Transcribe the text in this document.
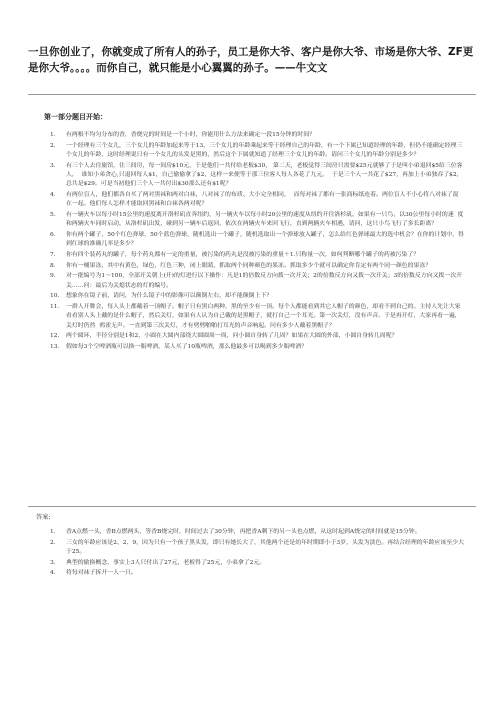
一旦你创业了，你就变成了所有人的孙子，员工是你大爷、客户是你大爷、市场是你大爷、ZF更是你大爷。。。。而你自己，就只能是小心翼翼的孙子。——牛文文
第一部分题目开始：
1.	有两根不均匀分布的香，香烧完的时间是一个小时，你能用什么方法来确定一段15分钟的时间？
2.	一个经理有三个女儿，三个女儿的年龄加起来等于13，三个女儿的年龄乘起来等于经理自己的年龄，有一个下属已知道经理的年龄，但仍不能确定经理三个女儿的年龄，这时经理说只有一个女儿的头发是黑的，然后这个下属就知道了经理三个女儿的年龄。请问三个女儿的年龄分别是多少？
3.	有三个人去住旅馆，住三间房，每一间房$10元，于是他们一共付给老板$30， 第二天，老板觉得三间房只需要$25元就够了于是叫小弟退回$5给三位客人，  谁知小弟贪心,只退回每人$1，自己偷偷拿了$2，这样一来便等于那三位客人每人各花了九元，  于是三个人一共花了$27，再加上小弟独吞了$2，总共是$29。可是当初他们三个人一共付出$30那么还有$1呢？
4.	有两位盲人，他们都各自买了两对黑袜和两对白袜，八对袜了的布质、大小完全相同，  而每对袜了都有一张商标纸连着。两位盲人不小心将八对袜了混在一起。他们每人怎样才能取回黑袜和白袜各两对呢？
5.	有一辆火车以每小时15公里的速度离开洛杉矶直奔纽约，另一辆火车以每小时20公里的速度从纽约开往洛杉矶。如果有一只鸟，以30公里每小时的速  度和两辆火车同时启动，从洛杉矶出发，碰到另一辆车后返回，依次在两辆火车来回飞行，直到两辆火车相遇，请问，这只小鸟飞行了多长距离？
6.	你有两个罐子，50个红色弹球，50个蓝色弹球，随机选出一个罐子，随机选取出一个弹球放入罐子，怎么给红色弹球最大的选中机会？在你的计划中，得到红球的准确几率是多少？
7.	你有四个装药丸的罐子，每个药丸都有一定的重量，被污染的药丸是没被污染的重量＋1.只称量一次，如何判断哪个罐子的药被污染了？
8.	你有一桶果冻，其中有黄色，绿色，红色三种，闭上眼睛，抓取两个同种颜色的果冻。抓取多少个就可以确定你肯定有两个同一颜色的果冻？
9.	对一批编号为1～100，全部开关朝上(开)的灯进行以下操作：凡是1的倍数反方向拨一次开关；2的倍数反方向又拨一次开关；3的倍数反方向又拨一次开关……问：最后为关熄状态的灯的编号。
10.	想象你在镜子前，请问，为什么镜子中的影像可以颠倒左右，却不能颠倒上下？
11.	一群人开舞会，每人头上都戴着一顶帽子。帽子只有黑白两种，黑的至少有一顶。每个人都能看到其它人帽子的颜色，却看不到自己的。主持人先让大家  看看别人头上戴的是什么帽子，然后关灯，如果有人认为自己戴的是黑帽子，就打自己一个耳光。第一次关灯，没有声音。于是再开灯，大家再看一遍，关灯时仍然  鸦雀无声。一直到第三次关灯，才有劈劈啪啪打耳光的声音响起。问有多少人戴着黑帽子？
12.	两个圆环，半径分别是1和2，小圆在大圆内部绕大圆圆周一周，问小圆自身转了几周？如果在大圆的外部，小圆自身转几周呢？
13.	假如每3个空啤酒瓶可以换一瓶啤酒，某人买了10瓶啤酒，那么他最多可以喝到多少瓶啤酒？
答案:
1.	香A点燃一头，香B点燃两头，等香B烧完时，时间过去了30分钟，再把香A剩下的另一头也点燃，从这时起到A烧完的时间就是15分钟。
2.	三女的年龄应该是2、2、9，因为只有一个孩子黑头发，即只有她长大了，其他两个还是幼年时期即小于3岁，头发为淡色。再结合经理的年龄应该至少大于25。
3.	典型的偷换概念，事实上3人只付出了27元，老板得了25元，小弟拿了2元。
4.	将每对袜子拆开一人一只。
